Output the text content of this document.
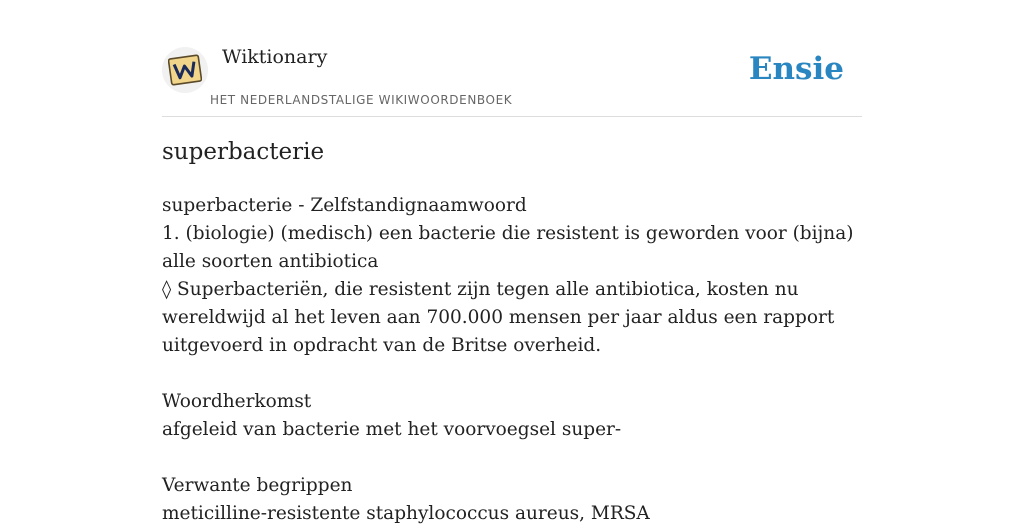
Wiktionary
HET NEDERLANDSTALIGE WIKIWOORDENBOEK
Ensie
superbacterie

superbacterie - Zelfstandignaamwoord

1. (biologie) (medisch) een bacterie die resistent is geworden voor (bijna) alle soorten antibiotica

◊ Superbacteriën, die resistent zijn tegen alle antibiotica, kosten nu wereldwijd al het leven aan 700.000 mensen per jaar aldus een rapport uitgevoerd in opdracht van de Britse overheid.

Woordherkomst

afgeleid van bacterie met het voorvoegsel super-

Verwante begrippen

meticilline-resistente staphylococcus aureus, MRSA
